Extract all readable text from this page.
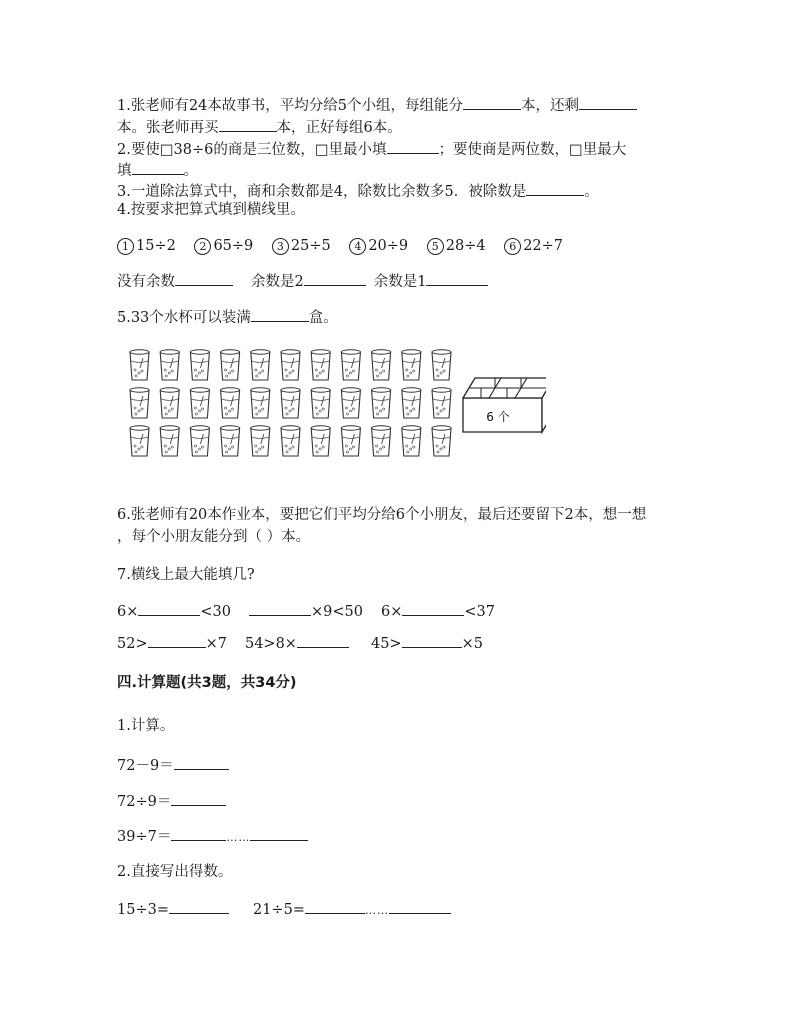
1.张老师有24本故事书，平均分给5个小组，每组能分	本，还剩
本。张老师再买	本，正好每组6本。
2.要使□38÷6的商是三位数，□里最小填	；要使商是两位数，□里最大
填	。
3.一道除法算式中，商和余数都是4，除数比余数多5．被除数是	。
4.按要求把算式填到横线里。
1 15÷2 2 65÷9 3 25÷5 4 20÷9 5 28÷4 6 22÷7
没有余数	余数是2	余数是1
5.33个水杯可以装满	盒。
6 个
6.张老师有20本作业本，要把它们平均分给6个小朋友，最后还要留下2本，想一想
，每个小朋友能分到（ ）本。
7.横线上最大能填几?
6×	<30	×9<50 6×	<37
52>	×7 54>8×	45>	×5
四.计算题(共3题，共34分)
1.计算。
72－9＝
72÷9＝
39÷7＝	……
2.直接写出得数。
15÷3=	21÷5=	……
